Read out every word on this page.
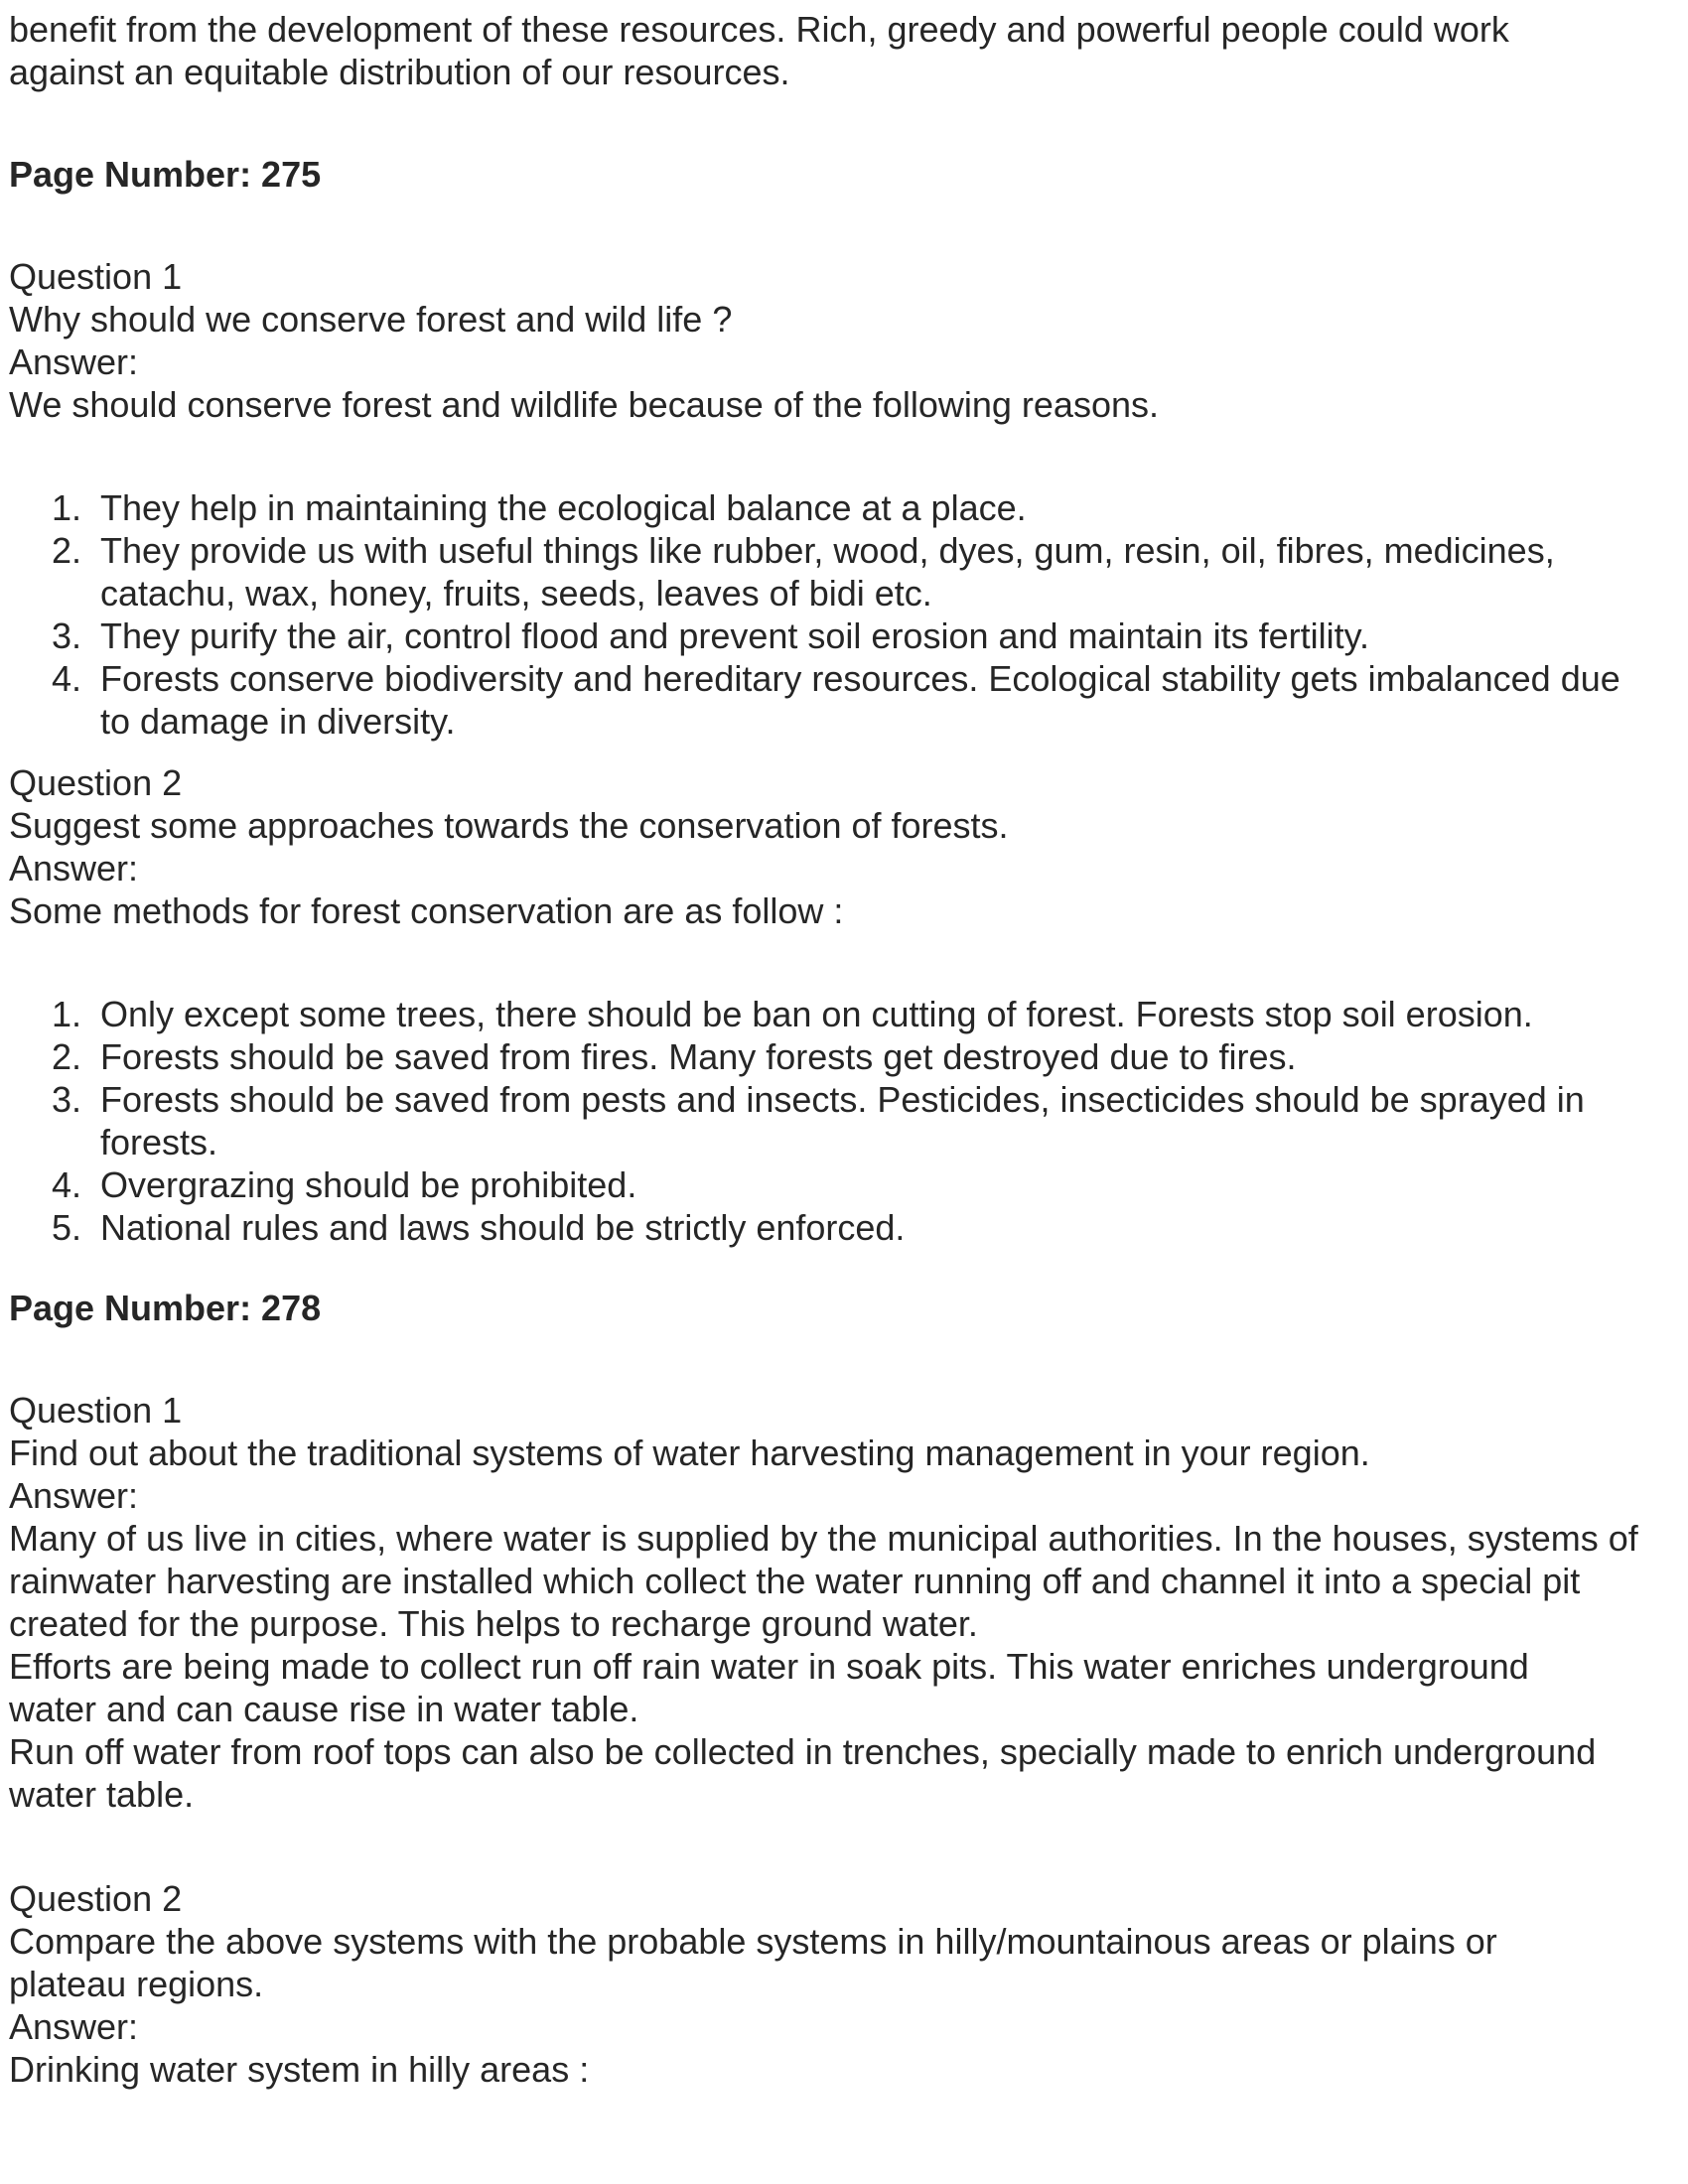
benefit from the development of these resources. Rich, greedy and powerful people could work against an equitable distribution of our resources.

Page Number: 275

Question 1

Why should we conserve forest and wild life ?

Answer:

We should conserve forest and wildlife because of the following reasons.

1. They help in maintaining the ecological balance at a place.
2. They provide us with useful things like rubber, wood, dyes, gum, resin, oil, fibres, medicines, catachu, wax, honey, fruits, seeds, leaves of bidi etc.
3. They purify the air, control flood and prevent soil erosion and maintain its fertility.
4. Forests conserve biodiversity and hereditary resources. Ecological stability gets imbalanced due to damage in diversity.

Question 2

Suggest some approaches towards the conservation of forests.

Answer:

Some methods for forest conservation are as follow :

1. Only except some trees, there should be ban on cutting of forest. Forests stop soil erosion.
2. Forests should be saved from fires. Many forests get destroyed due to fires.
3. Forests should be saved from pests and insects. Pesticides, insecticides should be sprayed in forests.
4. Overgrazing should be prohibited.
5. National rules and laws should be strictly enforced.

Page Number: 278

Question 1

Find out about the traditional systems of water harvesting management in your region.

Answer:

Many of us live in cities, where water is supplied by the municipal authorities. In the houses, systems of rainwater harvesting are installed which collect the water running off and channel it into a special pit created for the purpose. This helps to recharge ground water.

Efforts are being made to collect run off rain water in soak pits. This water enriches underground water and can cause rise in water table.

Run off water from roof tops can also be collected in trenches, specially made to enrich underground water table.

Question 2

Compare the above systems with the probable systems in hilly/mountainous areas or plains or plateau regions.

Answer:

Drinking water system in hilly areas :
